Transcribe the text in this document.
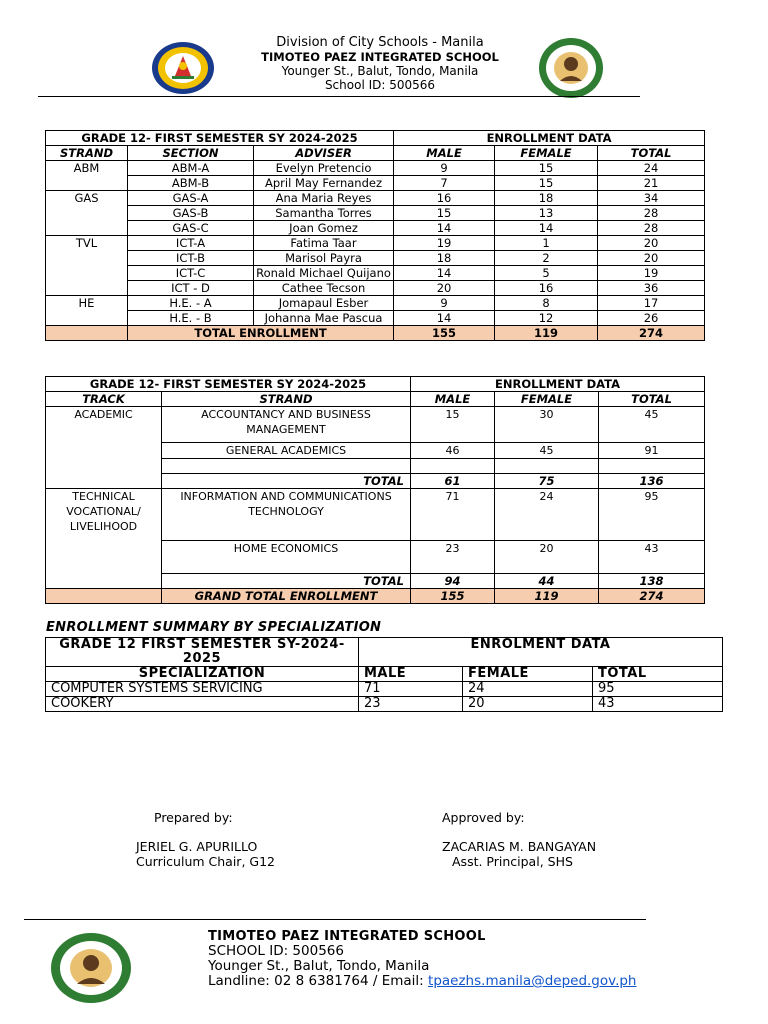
Division of City Schools - Manila
TIMOTEO PAEZ INTEGRATED SCHOOL
Younger St., Balut, Tondo, Manila
School ID: 500566
GRADE 12- FIRST SEMESTER SY 2024-2025			ENROLLMENT DATA		
STRAND	SECTION	ADVISER	MALE	FEMALE	TOTAL
ABM	ABM-A	Evelyn Pretencio	9	15	24
	ABM-B	April May Fernandez	7	15	21
GAS	GAS-A	Ana Maria Reyes	16	18	34
	GAS-B	Samantha Torres	15	13	28
	GAS-C	Joan Gomez	14	14	28
TVL	ICT-A	Fatima Taar	19	1	20
	ICT-B	Marisol Payra	18	2	20
	ICT-C	Ronald Michael Quijano	14	5	19
	ICT - D	Cathee Tecson	20	16	36
HE	H.E. - A	Jomapaul Esber	9	8	17
	H.E. - B	Johanna Mae Pascua	14	12	26
	TOTAL ENROLLMENT		155	119	274
GRADE 12- FIRST SEMESTER SY 2024-2025		ENROLLMENT DATA		
TRACK	STRAND	MALE	FEMALE	TOTAL
ACADEMIC	ACCOUNTANCY AND BUSINESS MANAGEMENT	15	30	45
	GENERAL ACADEMICS	46	45	91

	TOTAL	61	75	136
TECHNICAL VOCATIONAL/ LIVELIHOOD	INFORMATION AND COMMUNICATIONS TECHNOLOGY	71	24	95
	HOME ECONOMICS	23	20	43
	TOTAL	94	44	138
	GRAND TOTAL ENROLLMENT	155	119	274
ENROLLMENT SUMMARY BY SPECIALIZATION
GRADE 12 FIRST SEMESTER SY-2024-2025	ENROLMENT DATA		
SPECIALIZATION	MALE	FEMALE	TOTAL
COMPUTER SYSTEMS SERVICING	71	24	95
COOKERY	23	20	43
Prepared by:
JERIEL G. APURILLO
Curriculum Chair, G12
Approved by:
ZACARIAS M. BANGAYAN
Asst. Principal, SHS
TIMOTEO PAEZ INTEGRATED SCHOOL
SCHOOL ID: 500566
Younger St., Balut, Tondo, Manila
Landline: 02 8 6381764 / Email: tpaezhs.manila@deped.gov.ph
